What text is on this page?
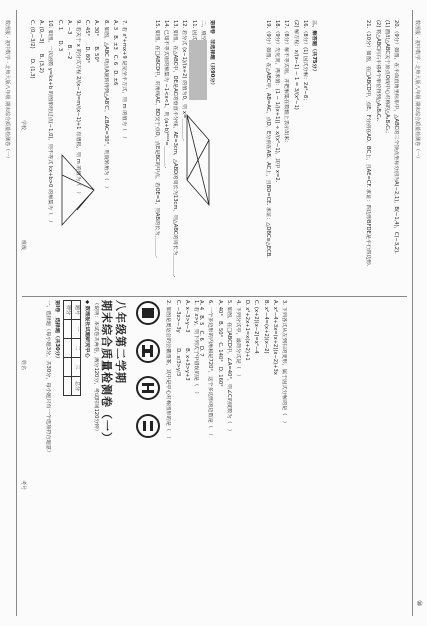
数理报 · 初中数学 · 北师大版八年级 期末综合质量检测卷（一）
⑩
数理报 · 初中数学 · 北师大版八年级 期末综合质量检测卷（一） 学校
班级
姓名
考号
八年级第二学期
期末综合质量检测卷（一）

（说明：本试卷共两卷，满分120分，考试时间120分钟）

◆ 数理报社试题研究中心

题号	一	二	三	总分
得分				

第Ⅰ卷　选择题（共30分）

一、选择题（每小题3分，共30分，每小题只有一个选项符合题意）	1. 若 x>y，则下列式子中错误的是（　）

A. x−3>y−3　　　B. x+3>y+3

C. −3x>−3y　　　D. x/3>y/3

2. 如图是奥运会的会徽图案，其中是中心对称图形的是（　）

	3. 下列各式从左到右的变形，属于因式分解的是（　）

A. x²−4+3x=(x+2)(x−2)+3x

B. x²−4=(x+2)(x−2)

C. (x+2)(x−2)=x²−4

D. x²+2x+1=x(x+2)+1

4. 下列分式中，最简分式是（　）

5. 如图，在□ABCD中，∠A=40°，则∠C的度数为（　）

A. 40°　B. 50°　C. 140°　D. 160°

6. 一个多边形的内角和是720°，这个多边形的边数是（　）

A. 4　B. 5　C. 6　D. 7

7. 若 x²+mx+9 是完全平方式，则 m 的值为（　）

A. 3　B. ±3　C. 6　D. ±6

8. 如图，△ABC 绕点A旋转得到△AB′C′，∠BAC=30°，则旋转角为（　）

A. 30°　　B. 50°

C. 45°　　D. 80°

9. 若关于 x 的分式方程 2/(x−1)=m/(x−1)+1 有增根，则 m 的值为（　）

A. −3　　B. −2

C. 1　　D. 3

10. 如图，一次函数 y=kx+b 的图象经过点(−1,0)，则不等式 kx+b>0 的解集为（　）

A. (0,−3)　　B. (3,2)

C. (0,−3/2)　　D. (1,3)	第Ⅱ卷　非选择题（共90分）

12. 若分式 (x−1)/(x+2) 的值为0，则 x=＿＿＿＿.

13. 如图，在△ABC中，DE是AC的垂直平分线，AE=3cm，△ABD的周长为13cm，则△ABC的周长为＿＿＿＿.

14. 已知不等式组的解集为 −1<x<1，则 (a+b)²⁰²⁴=＿＿＿＿.

15. 如图，在□ABCD中，对角线AC、BD交于点O，点E是BC的中点，若OE=3，则AB的长为＿＿＿＿.	三、解答题（共75分）

16.（8分）(1) 因式分解：2x²−8；

(2) 解方程：x/(x−1) − 1 = 3/(x²−1)

17.（8分）解不等式组，并把解集在数轴上表示出来：

18.（9分）先化简，再求值：(1 − 1/(x+1)) ÷ x/(x²−1)，其中 x=2.

19.（9分）如图，在△ABC中，AB=AC，点D、E分别在AB、AC上，且BD=CE. 求证：△DBC≌△ECB.	20.（9分）如图，在平面直角坐标系中，△ABC的三个顶点坐标分别为A(−2,1)，B(−1,4)，C(−3,2).

(1) 画出△ABC关于原点O成中心对称的△A₁B₁C₁；

(2) 将△ABC向右平移4个单位得到△A₂B₂C₂.

21.（10分）如图，在□ABCD中，点E、F分别在AD、BC上，且AE=CF. 求证：四边形BFDE是平行四边形.
